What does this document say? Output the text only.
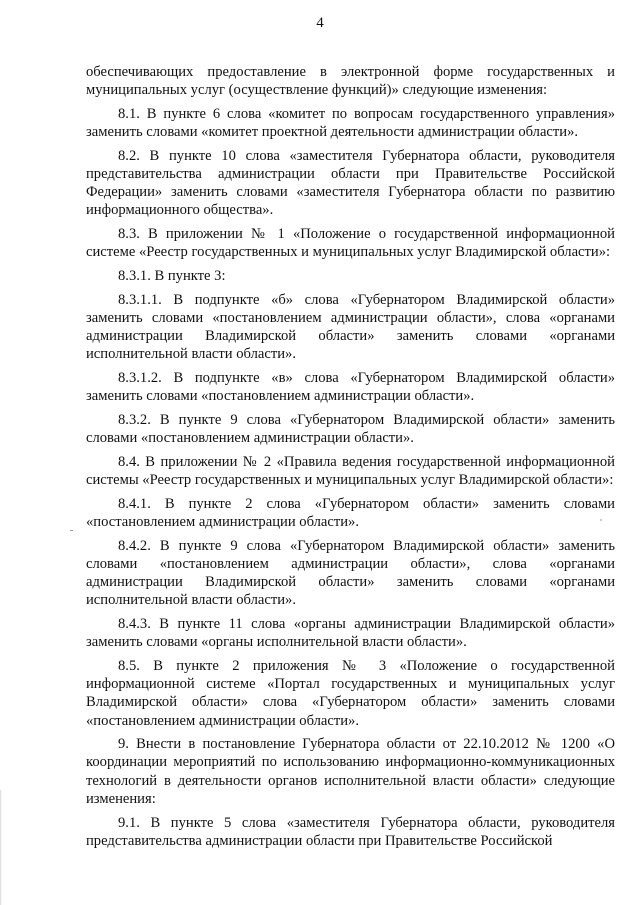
4

обеспечивающих предоставление в электронной форме государственных и муниципальных услуг (осуществление функций)» следующие изменения:

8.1. В пункте 6 слова «комитет по вопросам государственного управления» заменить словами «комитет проектной деятельности администрации области».

8.2. В пункте 10 слова «заместителя Губернатора области, руководителя представительства администрации области при Правительстве Российской Федерации» заменить словами «заместителя Губернатора области по развитию информационного общества».

8.3. В приложении № 1 «Положение о государственной информационной системе «Реестр государственных и муниципальных услуг Владимирской области»:

8.3.1. В пункте 3:

8.3.1.1. В подпункте «б» слова «Губернатором Владимирской области» заменить словами «постановлением администрации области», слова «органами администрации Владимирской области» заменить словами «органами исполнительной власти области».

8.3.1.2. В подпункте «в» слова «Губернатором Владимирской области» заменить словами «постановлением администрации области».

8.3.2. В пункте 9 слова «Губернатором Владимирской области» заменить словами «постановлением администрации области».

8.4. В приложении № 2 «Правила ведения государственной информационной системы «Реестр государственных и муниципальных услуг Владимирской области»:

8.4.1. В пункте 2 слова «Губернатором области» заменить словами «постановлением администрации области».

8.4.2. В пункте 9 слова «Губернатором Владимирской области» заменить словами «постановлением администрации области», слова «органами администрации Владимирской области» заменить словами «органами исполнительной власти области».

8.4.3. В пункте 11 слова «органы администрации Владимирской области» заменить словами «органы исполнительной власти области».

8.5. В пункте 2 приложения № 3 «Положение о государственной информационной системе «Портал государственных и муниципальных услуг Владимирской области» слова «Губернатором области» заменить словами «постановлением администрации области».

9. Внести в постановление Губернатора области от 22.10.2012 № 1200 «О координации мероприятий по использованию информационно-коммуникационных технологий в деятельности органов исполнительной власти области» следующие изменения:

9.1. В пункте 5 слова «заместителя Губернатора области, руководителя представительства администрации области при Правительстве Российской
